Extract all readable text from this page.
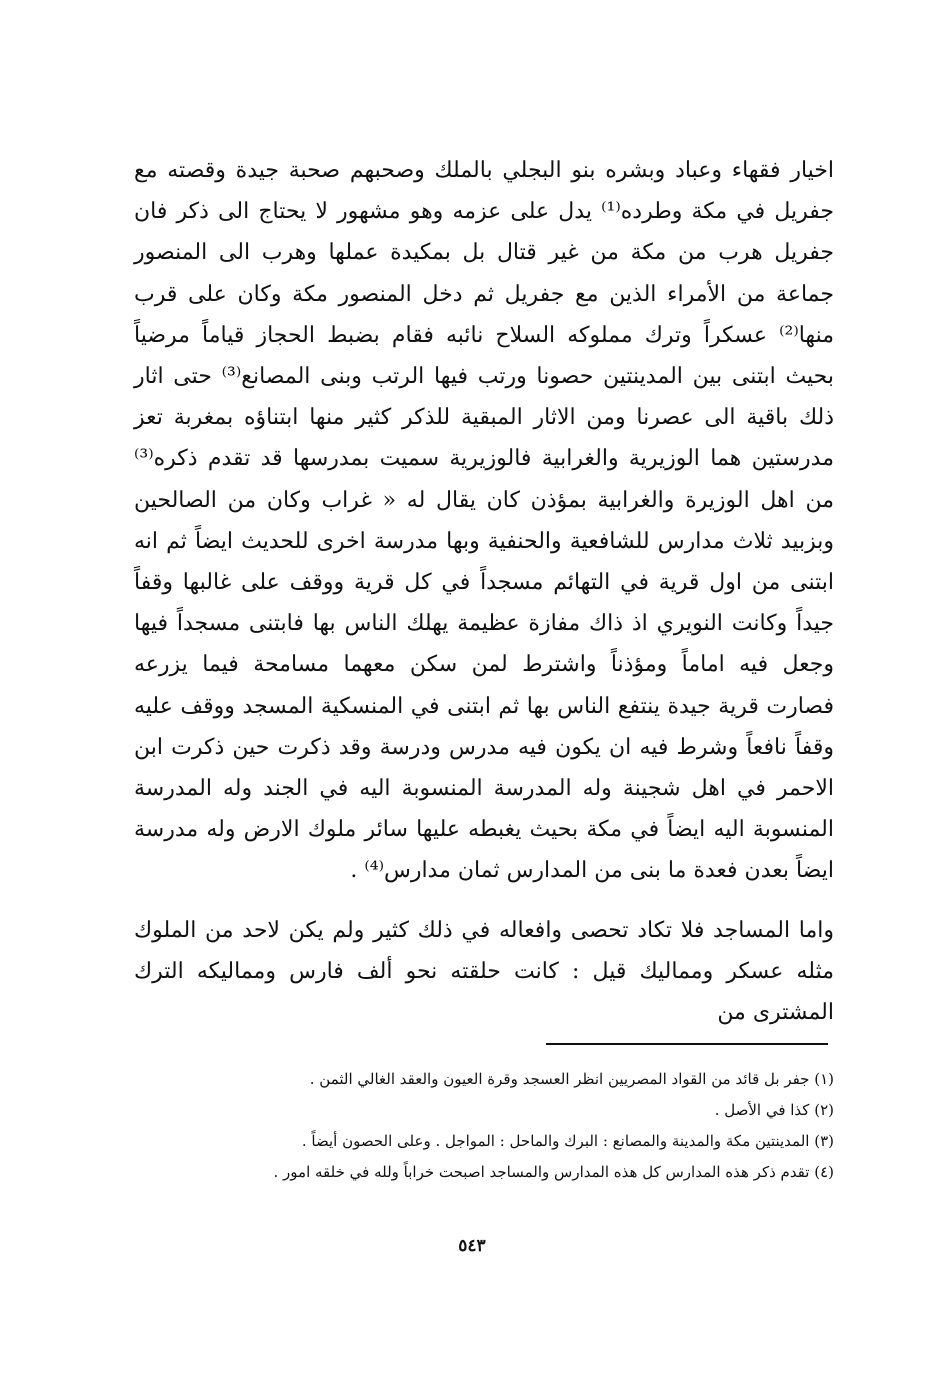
اخيار فقهاء وعباد وبشره بنو البجلي بالملك وصحبهم صحبة جيدة وقصته مع جفريل في مكة وطرده⁽¹⁾ يدل على عزمه وهو مشهور لا يحتاج الى ذكر فان جفريل هرب من مكة من غير قتال بل بمكيدة عملها وهرب الى المنصور جماعة من الأمراء الذين مع جفريل ثم دخل المنصور مكة وكان على قرب منها⁽²⁾ عسكراً وترك مملوكه السلاح نائبه فقام بضبط الحجاز قياماً مرضياً بحيث ابتنى بين المدينتين حصونا ورتب فيها الرتب وبنى المصانع⁽³⁾ حتى اثار ذلك باقية الى عصرنا ومن الاثار المبقية للذكر كثير منها ابتناؤه بمغربة تعز مدرستين هما الوزيرية والغرابية فالوزيرية سميت بمدرسها قد تقدم ذكره⁽³⁾ من اهل الوزيرة والغرابية بمؤذن كان يقال له « غراب وكان من الصالحين وبزبيد ثلاث مدارس للشافعية والحنفية وبها مدرسة اخرى للحديث ايضاً ثم انه ابتنى من اول قرية في التهائم مسجداً في كل قرية ووقف على غالبها وقفاً جيداً وكانت النويري اذ ذاك مفازة عظيمة يهلك الناس بها فابتنى مسجداً فيها وجعل فيه اماماً ومؤذناً واشترط لمن سكن معهما مسامحة فيما يزرعه فصارت قرية جيدة ينتفع الناس بها ثم ابتنى في المنسكية المسجد ووقف عليه وقفاً نافعاً وشرط فيه ان يكون فيه مدرس ودرسة وقد ذكرت حين ذكرت ابن الاحمر في اهل شجينة وله المدرسة المنسوبة اليه في الجند وله المدرسة المنسوبة اليه ايضاً في مكة بحيث يغبطه عليها سائر ملوك الارض وله مدرسة ايضاً بعدن فعدة ما بنى من المدارس ثمان مدارس⁽⁴⁾ .

واما المساجد فلا تكاد تحصى وافعاله في ذلك كثير ولم يكن لاحد من الملوك مثله عسكر ومماليك قيل : كانت حلقته نحو ألف فارس ومماليكه الترك المشترى من

(١) جفر بل قائد من القواد المصريين انظر العسجد وقرة العيون والعقد الغالي الثمن .

(٢) كذا في الأصل .

(٣) المدينتين مكة والمدينة والمصانع : البرك والماحل : المواجل . وعلى الحصون أيضاً .

(٤) تقدم ذكر هذه المدارس كل هذه المدارس والمساجد اصبحت خراباً ولله في خلقه امور .

٥٤٣
